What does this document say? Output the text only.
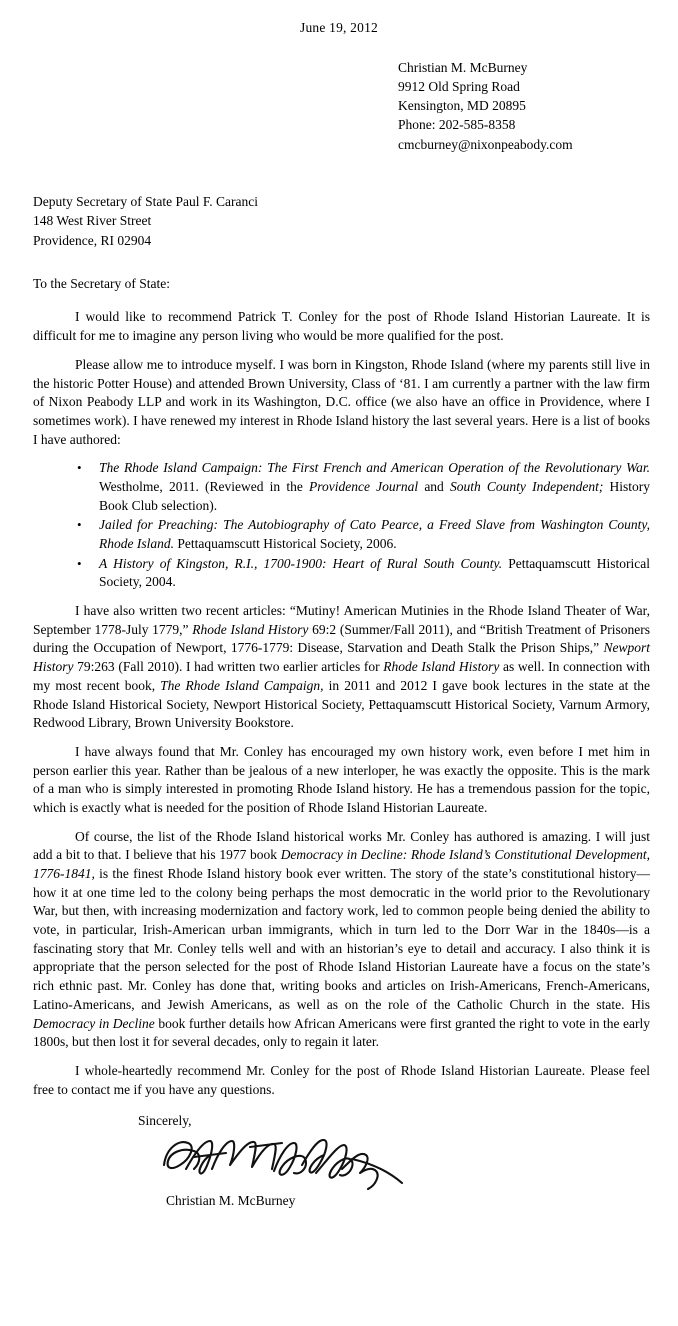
June 19, 2012
Christian M. McBurney
9912 Old Spring Road
Kensington, MD 20895
Phone: 202-585-8358
cmcburney@nixonpeabody.com
Deputy Secretary of State Paul F. Caranci
148 West River Street
Providence, RI 02904
To the Secretary of State:

I would like to recommend Patrick T. Conley for the post of Rhode Island Historian Laureate. It is difficult for me to imagine any person living who would be more qualified for the post.

Please allow me to introduce myself. I was born in Kingston, Rhode Island (where my parents still live in the historic Potter House) and attended Brown University, Class of ‘81. I am currently a partner with the law firm of Nixon Peabody LLP and work in its Washington, D.C. office (we also have an office in Providence, where I sometimes work). I have renewed my interest in Rhode Island history the last several years. Here is a list of books I have authored:

• The Rhode Island Campaign: The First French and American Operation of the Revolutionary War. Westholme, 2011. (Reviewed in the Providence Journal and South County Independent; History Book Club selection).
• Jailed for Preaching: The Autobiography of Cato Pearce, a Freed Slave from Washington County, Rhode Island. Pettaquamscutt Historical Society, 2006.
• A History of Kingston, R.I., 1700-1900: Heart of Rural South County. Pettaquamscutt Historical Society, 2004.

I have also written two recent articles: “Mutiny! American Mutinies in the Rhode Island Theater of War, September 1778-July 1779,” Rhode Island History 69:2 (Summer/Fall 2011), and “British Treatment of Prisoners during the Occupation of Newport, 1776-1779: Disease, Starvation and Death Stalk the Prison Ships,” Newport History 79:263 (Fall 2010). I had written two earlier articles for Rhode Island History as well. In connection with my most recent book, The Rhode Island Campaign, in 2011 and 2012 I gave book lectures in the state at the Rhode Island Historical Society, Newport Historical Society, Pettaquamscutt Historical Society, Varnum Armory, Redwood Library, Brown University Bookstore.

I have always found that Mr. Conley has encouraged my own history work, even before I met him in person earlier this year. Rather than be jealous of a new interloper, he was exactly the opposite. This is the mark of a man who is simply interested in promoting Rhode Island history. He has a tremendous passion for the topic, which is exactly what is needed for the position of Rhode Island Historian Laureate.

Of course, the list of the Rhode Island historical works Mr. Conley has authored is amazing. I will just add a bit to that. I believe that his 1977 book Democracy in Decline: Rhode Island’s Constitutional Development, 1776-1841, is the finest Rhode Island history book ever written. The story of the state’s constitutional history—how it at one time led to the colony being perhaps the most democratic in the world prior to the Revolutionary War, but then, with increasing modernization and factory work, led to common people being denied the ability to vote, in particular, Irish-American urban immigrants, which in turn led to the Dorr War in the 1840s—is a fascinating story that Mr. Conley tells well and with an historian’s eye to detail and accuracy. I also think it is appropriate that the person selected for the post of Rhode Island Historian Laureate have a focus on the state’s rich ethnic past. Mr. Conley has done that, writing books and articles on Irish-Americans, French-Americans, Latino-Americans, and Jewish Americans, as well as on the role of the Catholic Church in the state. His Democracy in Decline book further details how African Americans were first granted the right to vote in the early 1800s, but then lost it for several decades, only to regain it later.

I whole-heartedly recommend Mr. Conley for the post of Rhode Island Historian Laureate. Please feel free to contact me if you have any questions.

Sincerely,
Christian M. McBurney
